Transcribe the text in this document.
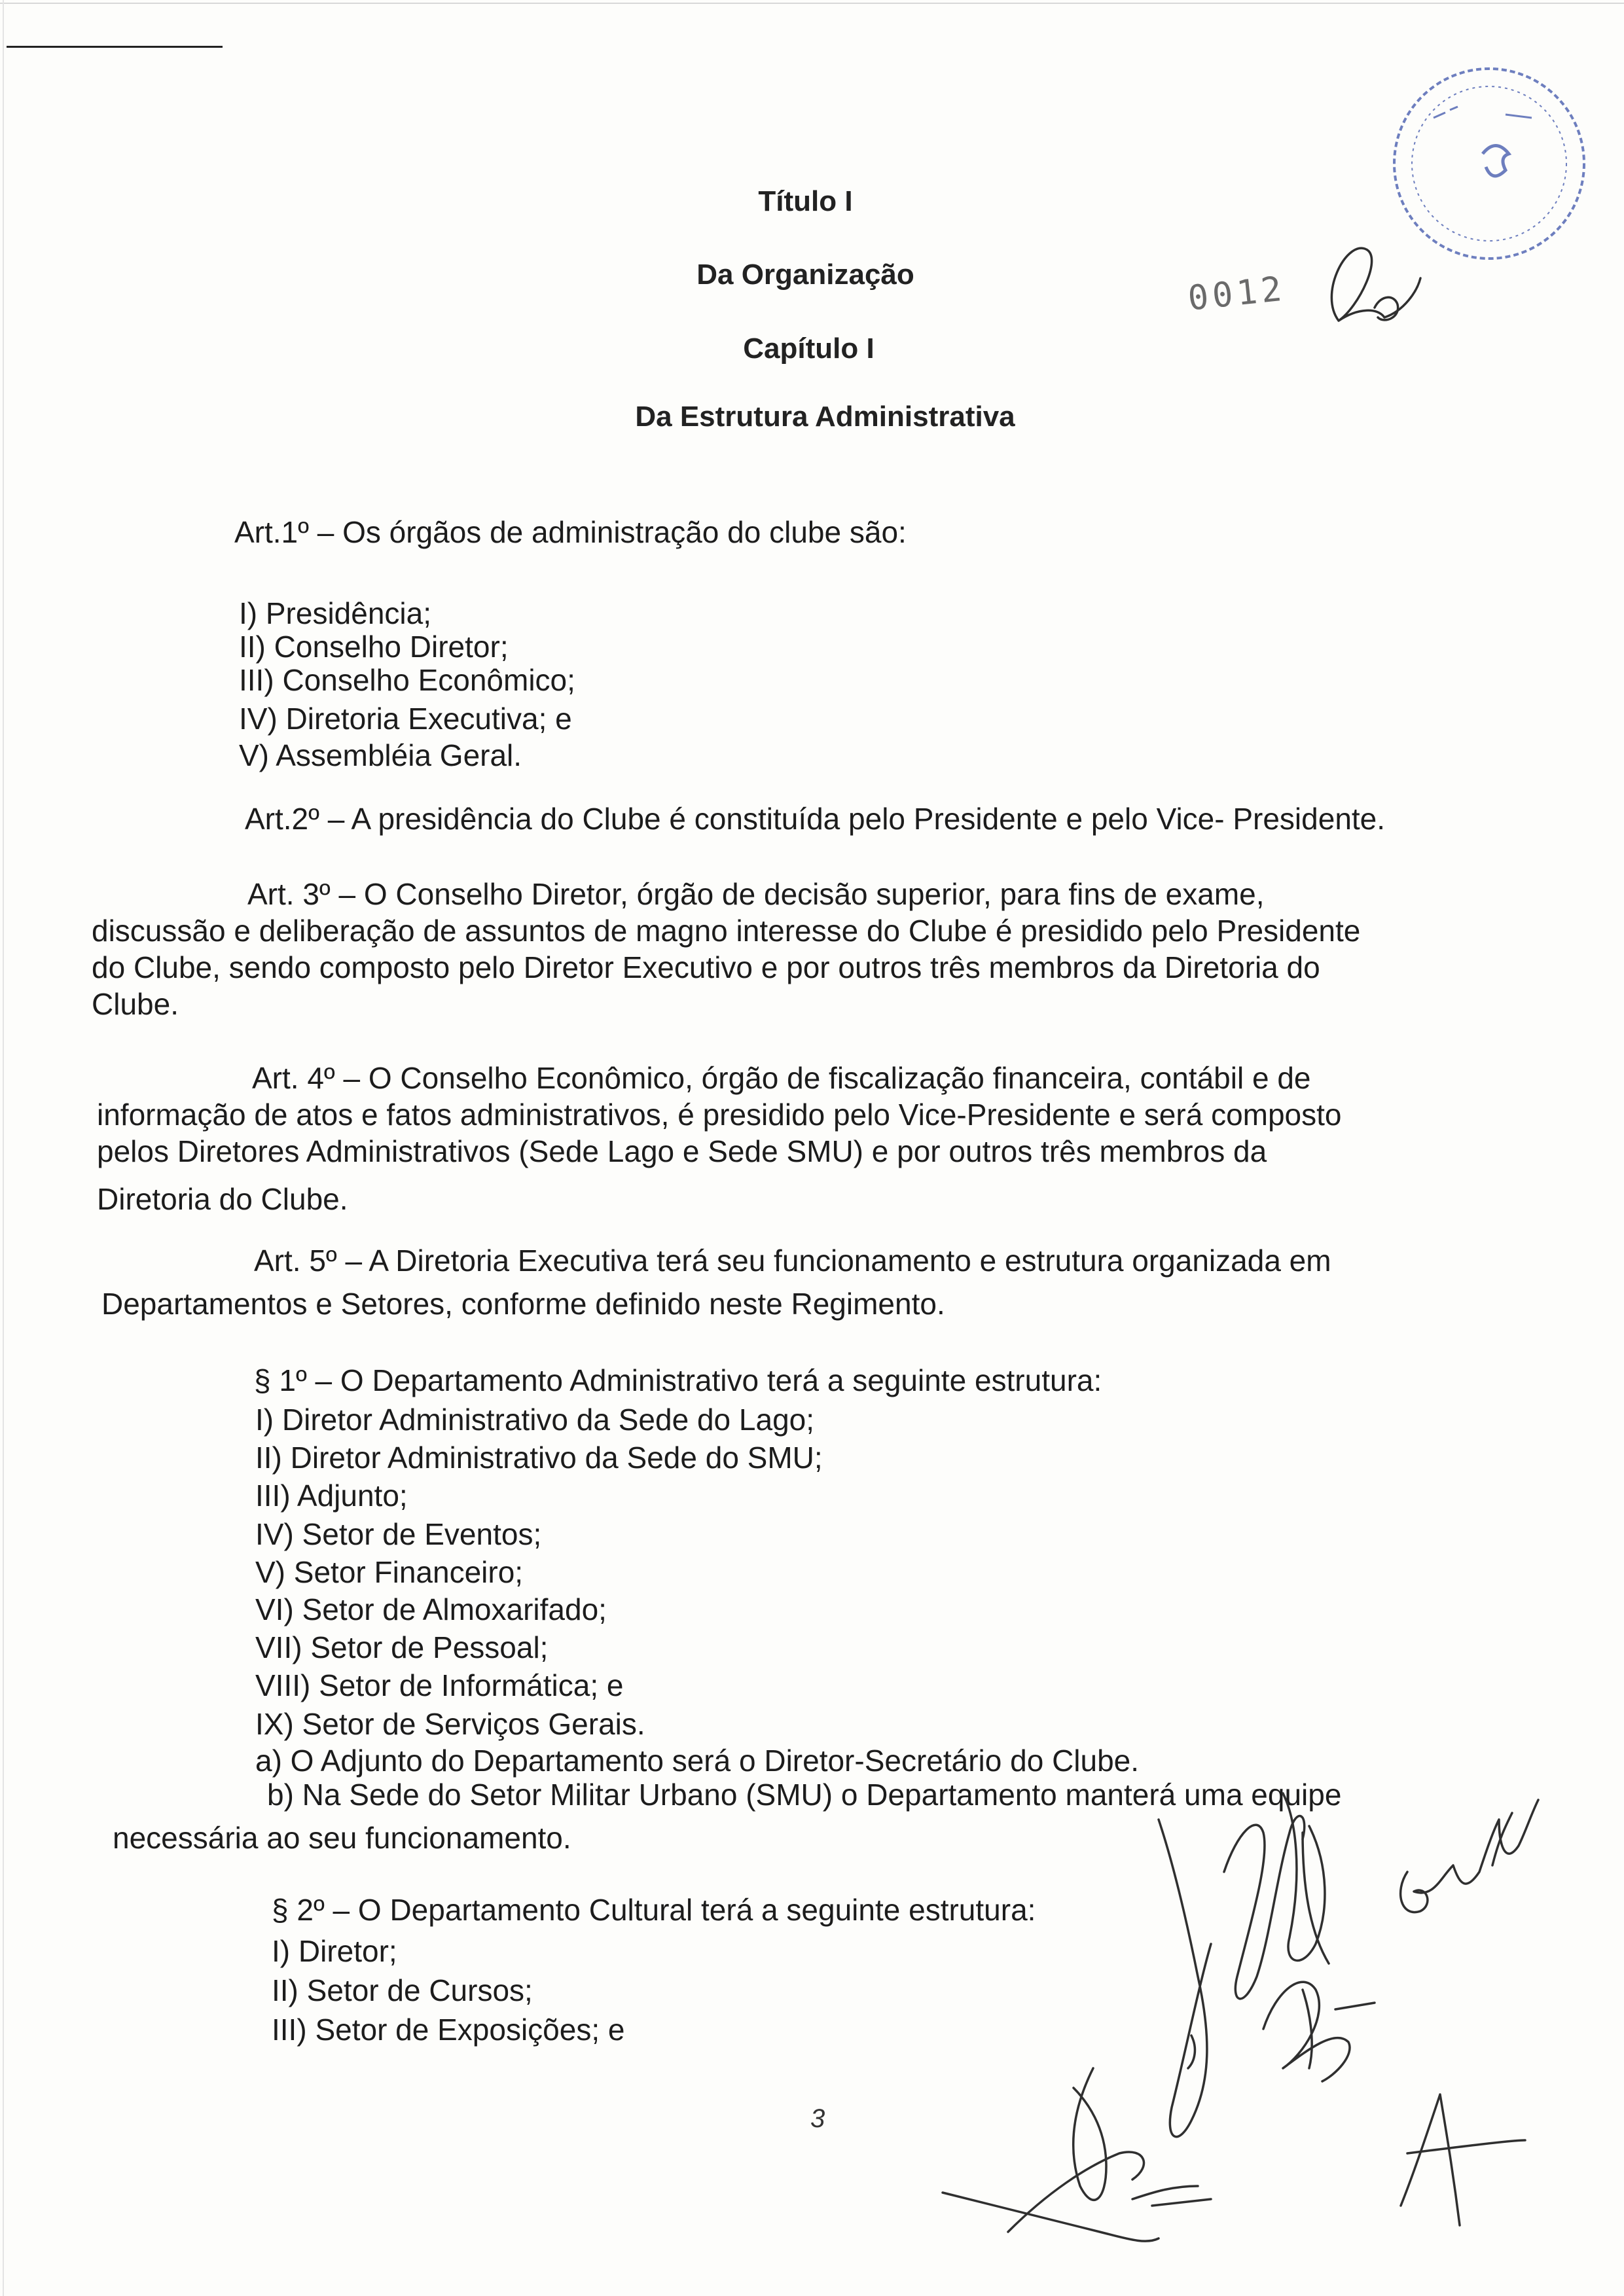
Título I
Da Organização
Capítulo I
Da Estrutura Administrativa
0012
Art.1º – Os órgãos de administração do clube são:
I) Presidência;
II) Conselho Diretor;
III) Conselho Econômico;
IV) Diretoria Executiva; e
V) Assembléia Geral.
Art.2º – A presidência do Clube é constituída pelo Presidente e pelo Vice- Presidente.
Art. 3º – O Conselho Diretor, órgão de decisão superior, para fins de exame,
discussão e deliberação de assuntos de magno interesse do Clube é presidido pelo Presidente
do Clube, sendo composto pelo Diretor Executivo e por outros três membros da Diretoria do
Clube.
Art. 4º – O Conselho Econômico, órgão de fiscalização financeira, contábil e de
informação de atos e fatos administrativos, é presidido pelo Vice-Presidente e será composto
pelos Diretores Administrativos (Sede Lago e Sede SMU) e por outros três membros da
Diretoria do Clube.
Art. 5º – A Diretoria Executiva terá seu funcionamento e estrutura organizada em
Departamentos e Setores, conforme definido neste Regimento.
§ 1º – O Departamento Administrativo terá a seguinte estrutura:
I) Diretor Administrativo da Sede do Lago;
II) Diretor Administrativo da Sede do SMU;
III) Adjunto;
IV) Setor de Eventos;
V) Setor Financeiro;
VI) Setor de Almoxarifado;
VII) Setor de Pessoal;
VIII) Setor de Informática; e
IX) Setor de Serviços Gerais.
a) O Adjunto do Departamento será o Diretor-Secretário do Clube.
b) Na Sede do Setor Militar Urbano (SMU) o Departamento manterá uma equipe
necessária ao seu funcionamento.
§ 2º – O Departamento Cultural terá a seguinte estrutura:
I) Diretor;
II) Setor de Cursos;
III) Setor de Exposições; e
3
